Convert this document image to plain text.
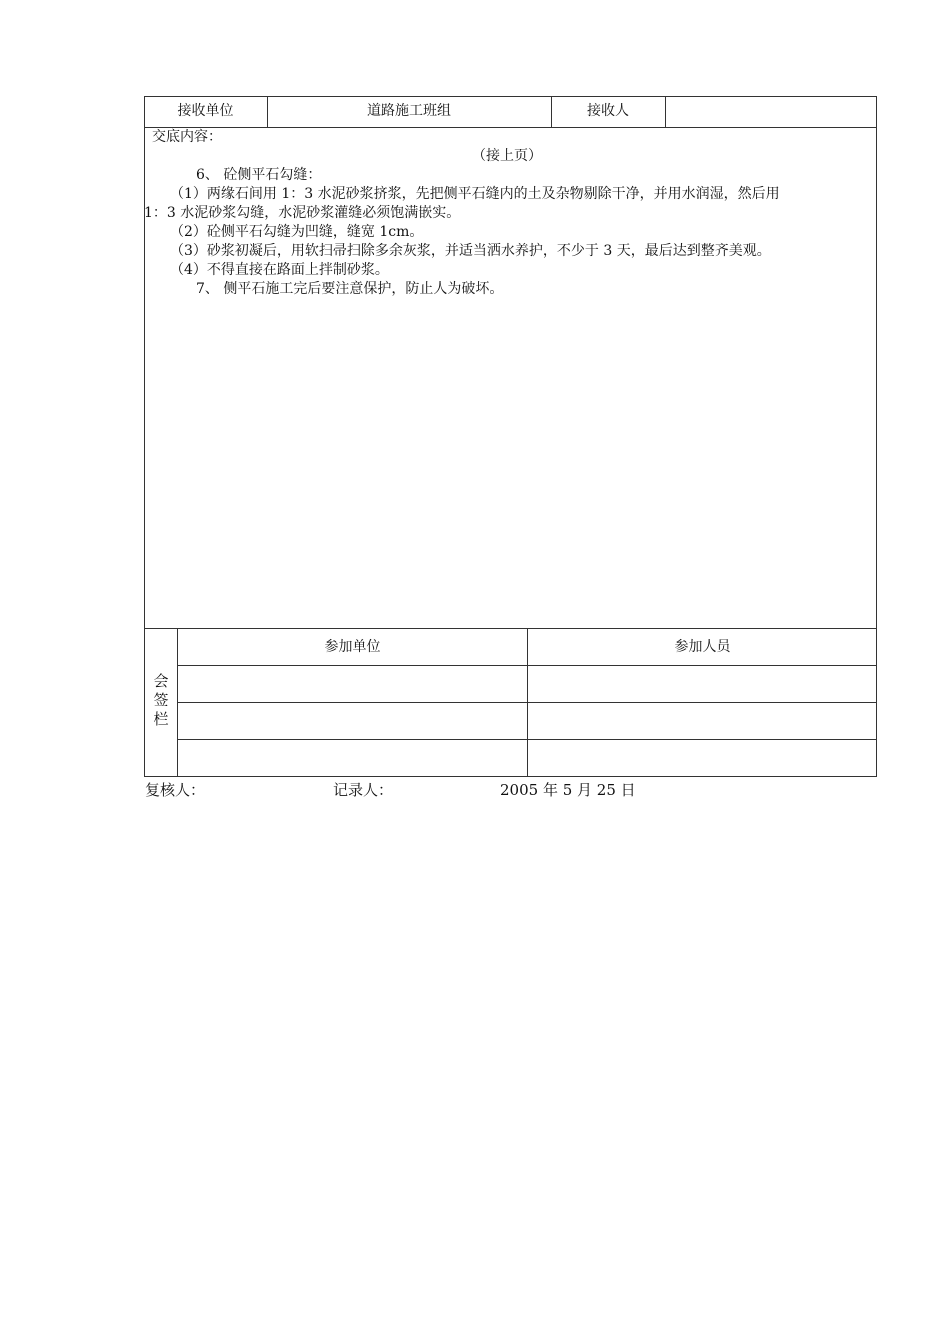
接收单位	道路施工班组	接收人

交底内容：

（接上页）

6、 砼侧平石勾缝：

（1）两缘石间用 1：3 水泥砂浆挤浆，先把侧平石缝内的土及杂物剔除干净，并用水润湿，然后用

1：3 水泥砂浆勾缝，水泥砂浆灌缝必须饱满嵌实。

（2）砼侧平石勾缝为凹缝，缝宽 1cm。

（3）砂浆初凝后，用软扫帚扫除多余灰浆，并适当洒水养护，不少于 3 天，最后达到整齐美观。

（4）不得直接在路面上拌制砂浆。

7、 侧平石施工完后要注意保护，防止人为破坏。

会签栏
参加单位	参加人员
复核人：	记录人：	2005 年 5 月 25 日
